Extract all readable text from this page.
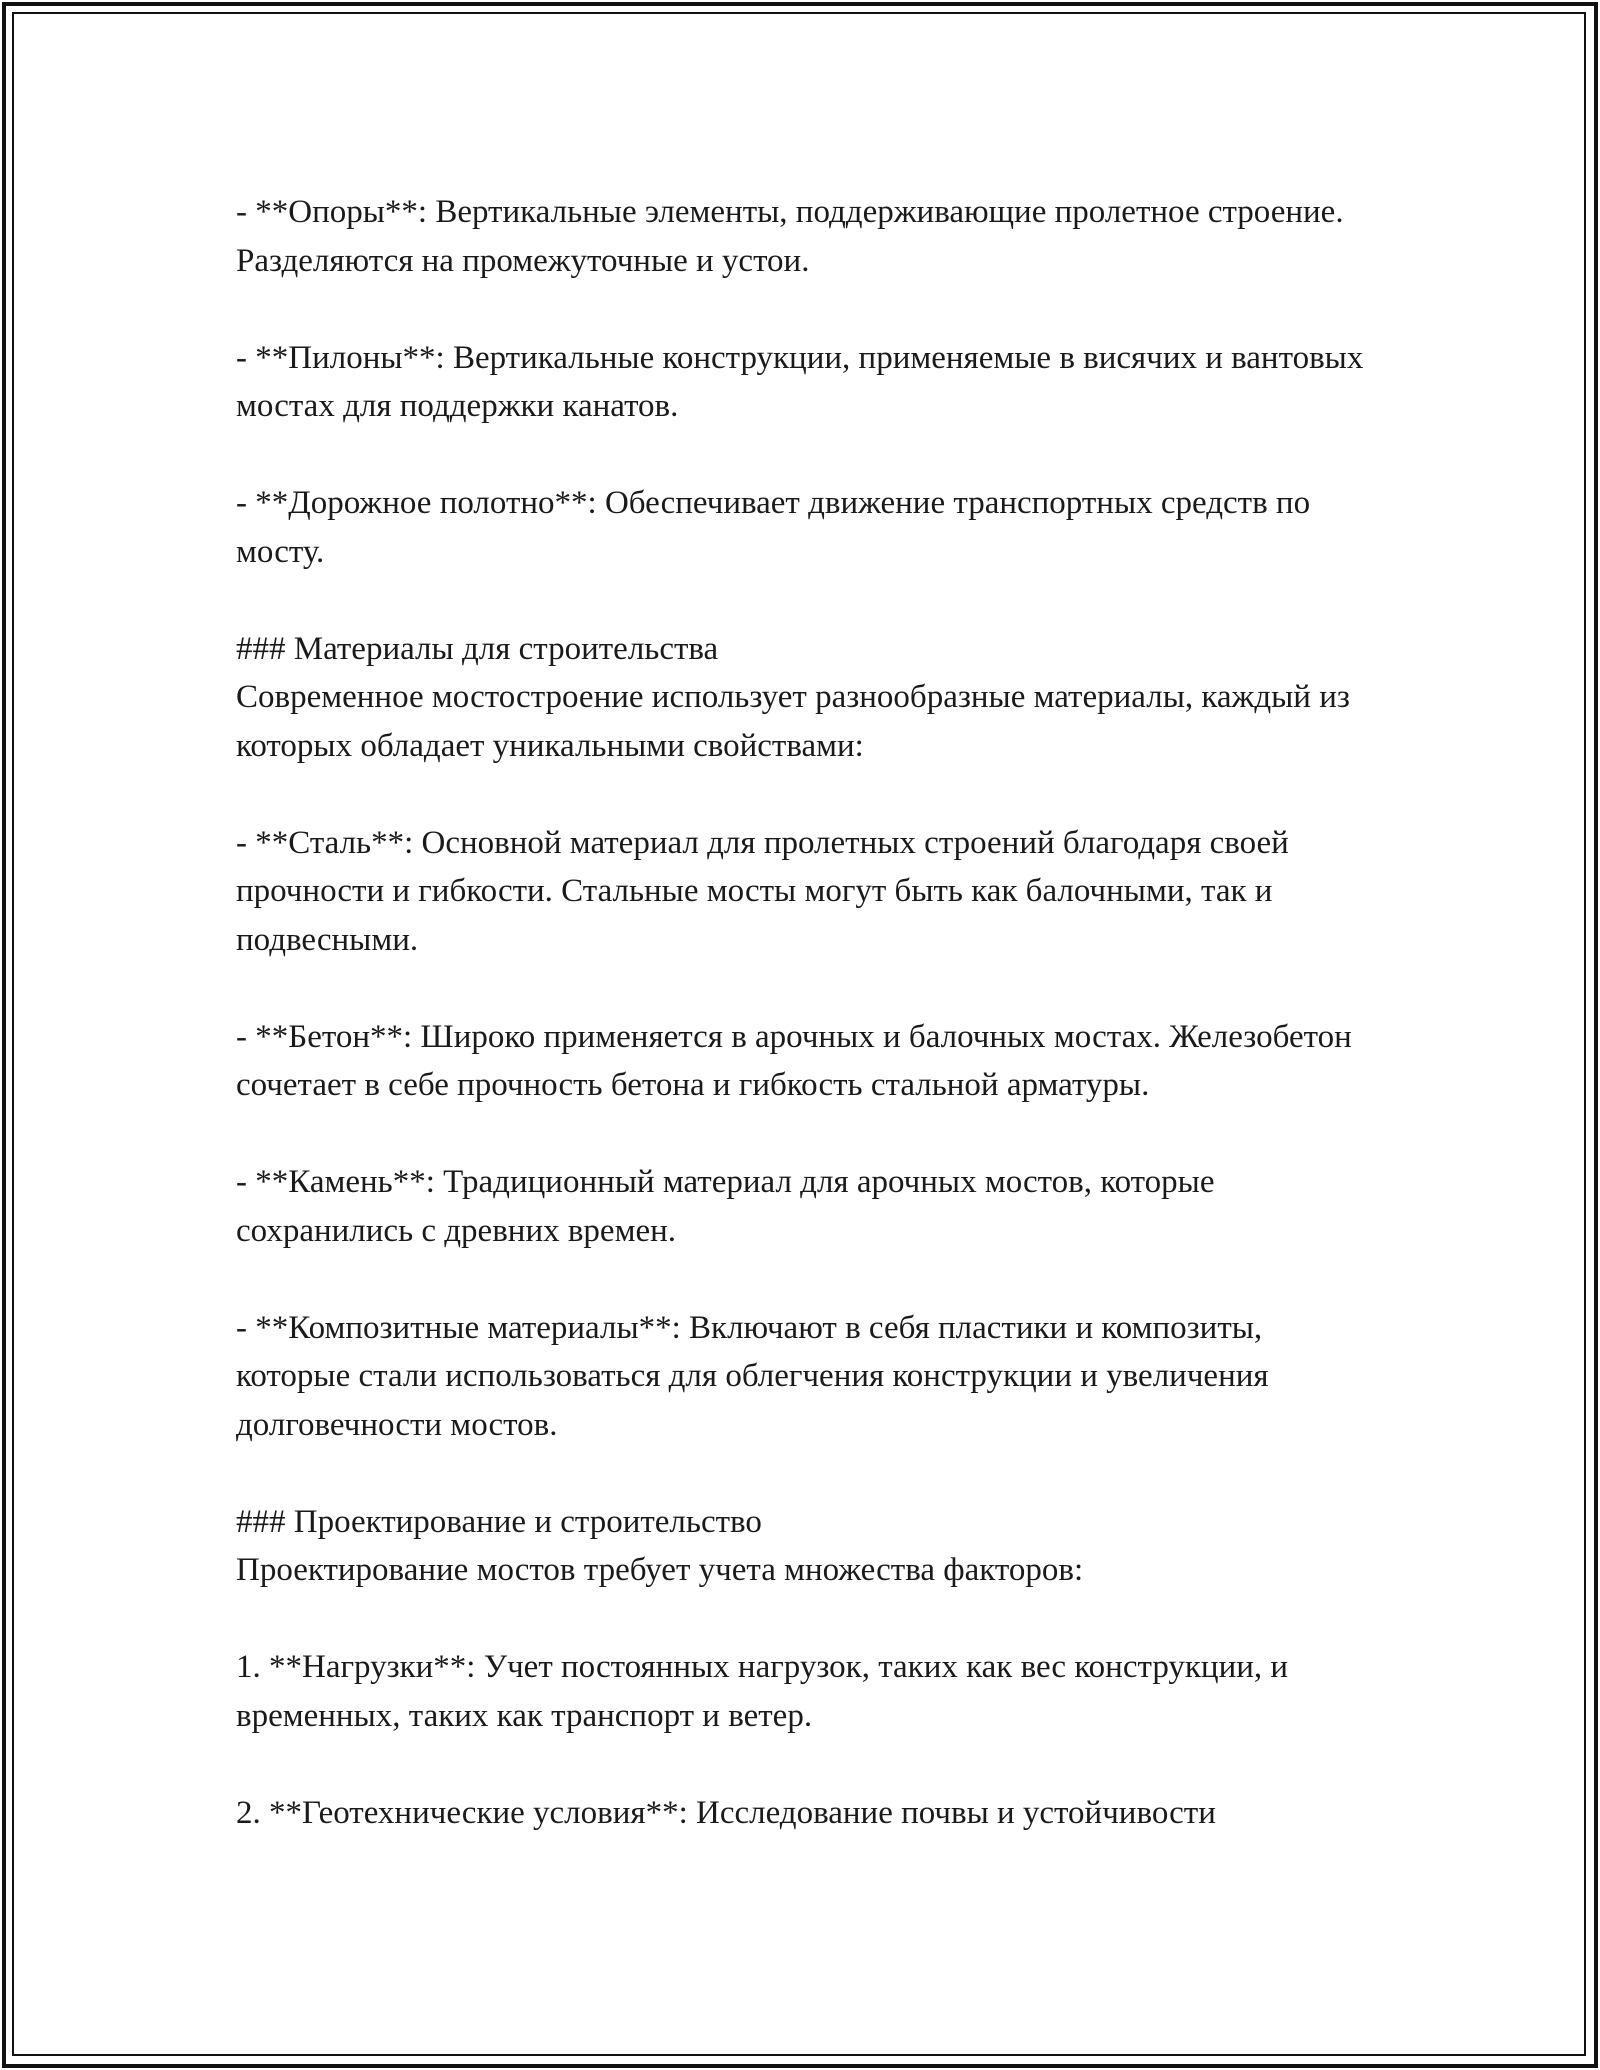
- **Опоры**: Вертикальные элементы, поддерживающие пролетное строение. Разделяются на промежуточные и устои.

- **Пилоны**: Вертикальные конструкции, применяемые в висячих и вантовых мостах для поддержки канатов.

- **Дорожное полотно**: Обеспечивает движение транспортных средств по мосту.

### Материалы для строительства

Современное мостостроение использует разнообразные материалы, каждый из которых обладает уникальными свойствами:

- **Сталь**: Основной материал для пролетных строений благодаря своей прочности и гибкости. Стальные мосты могут быть как балочными, так и подвесными.

- **Бетон**: Широко применяется в арочных и балочных мостах. Железобетон сочетает в себе прочность бетона и гибкость стальной арматуры.

- **Камень**: Традиционный материал для арочных мостов, которые сохранились с древних времен.

- **Композитные материалы**: Включают в себя пластики и композиты, которые стали использоваться для облегчения конструкции и увеличения долговечности мостов.

### Проектирование и строительство

Проектирование мостов требует учета множества факторов:

1. **Нагрузки**: Учет постоянных нагрузок, таких как вес конструкции, и временных, таких как транспорт и ветер.

2. **Геотехнические условия**: Исследование почвы и устойчивости
